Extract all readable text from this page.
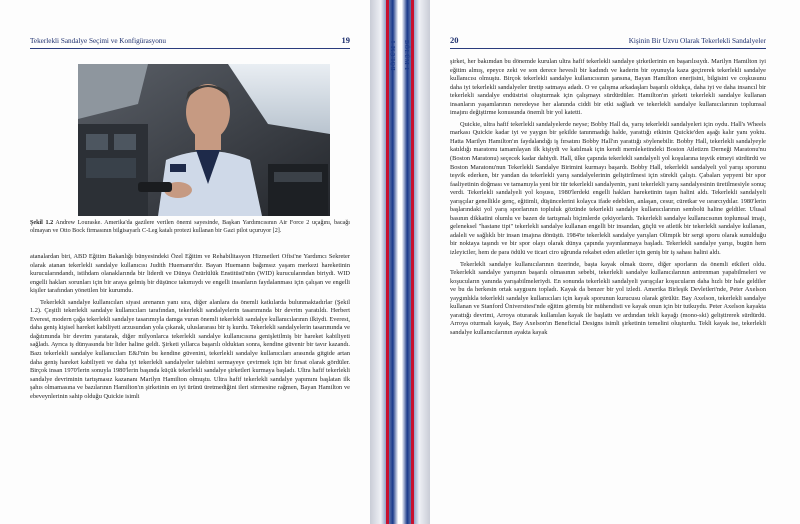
Tekerlekli Sandalye Seçimi ve Konfigürasyonu	19
Şekil 1.2 Andrew Louraske. Amerika'da gazilere verilen önemi sayesinde, Başkan Yardımcısının Air Force 2 uçağını, bacağı olmayan ve Otto Bock firmasının bilgisayarlı C-Leg katalı protezi kullanan bir Gazi pilot uçuruyor [2].

atanalardan biri, ABD Eğitim Bakanlığı bünyesindeki Özel Eğitim ve Rehabilitasyon Hizmetleri Ofisi'ne Yardımcı Sekreter olarak atanan tekerlekli sandalye kullanıcısı Judith Huemann'dır. Bayan Huemann bağımsız yaşam merkezi hareketinin kurucularındandı, istihdam olanaklarında bir liderdi ve Dünya Özürlülük Enstitüsü'nün (WID) kurucularından biriydi. WID engelli hakları sorunları için bir araya gelmiş bir düşünce takımıydı ve engelli insanların faydalanması için çalışan ve engelli kişiler tarafından yönetilen bir kurumdu.

Tekerlekli sandalye kullanıcıları siyasi arenanın yanı sıra, diğer alanlara da önemli katkılarda bulunmaktadırlar (Şekil 1.2). Çeşitli tekerlekli sandalye kullanıcıları tarafından, tekerlekli sandalyelerin tasarımında bir devrim yaratıldı. Herbert Everest, modern çağa tekerlekli sandalye tasarımıyla damga vuran önemli tekerlekli sandalye kullanıcılarının ilkiydi. Everest, daha geniş kişisel hareket kabiliyeti arzusundan yola çıkarak, uluslararası bir iş kurdu. Tekerlekli sandalyelerin tasarımında ve dağıtımında bir devrim yaratarak, diğer milyonlarca tekerlekli sandalye kullanıcısına genişletilmiş bir hareket kabiliyeti sağladı. Ayrıca iş dünyasında bir lider haline geldi. Şirketi yıllarca başarılı olduktan sonra, kendine güvenir bir tavır kazandı. Bazı tekerlekli sandalye kullanıcıları E&J'nin bu kendine güvenini, tekerlekli sandalye kullanıcıları arasında gitgide artan daha geniş hareket kabiliyeti ve daha iyi tekerlekli sandalyeler talebini sermayeye çevirmek için bir fırsat olarak gördüler. Birçok insan 1970'lerin sonuyla 1980'lerin başında küçük tekerlekli sandalye şirketleri kurmaya başladı. Ultra hafif tekerlekli sandalye devriminin tartışmasız kazananı Marilyn Hamilton olmuştu. Ultra hafif tekerlekli sandalye yapımını başlatan ilk şahıs olmamasına ve bazılarının Hamilton'ın şirketinin en iyi ürünü üretmediğini ileri sürmesine rağmen, Bayan Hamilton ve ebeveynlerinin sahip olduğu Quickie isimli

BÖLÜM 1	BÖLÜM 1	20	Kişinin Bir Uzvu Olarak Tekerlekli Sandalyeler

şirket, her bakımdan bu dönemde kurulan ultra hafif tekerlekli sandalye şirketlerinin en başarılısıydı. Marilyn Hamilton iyi eğitim almış, epeyce zeki ve son derece hevesli bir kadındı ve kaderin bir oyunuyla kaza geçirerek tekerlekli sandalye kullanıcısı olmuştu. Birçok tekerlekli sandalye kullanıcısının şansına, Bayan Hamilton enerjisini, bilgisini ve coşkusunu daha iyi tekerlekli sandalyeler üretip satmaya adadı. O ve çalışma arkadaşları başarılı oldukça, daha iyi ve daha insancıl bir tekerlekli sandalye endüstrisi oluşturmak için çalışmayı sürdürdüler. Hamilton'ın şirketi tekerlekli sandalye kullanan insanların yaşamlarının neredeyse her alanında ciddi bir etki sağladı ve tekerlekli sandalye kullanıcılarının toplumsal imajını değiştirme konusunda önemli bir yol katetti.

Quickie, ultra hafif tekerlekli sandalyelerde neyse; Bobby Hall da, yarış tekerlekli sandalyeleri için oydu. Hall's Wheels markası Quickie kadar iyi ve yaygın bir şekilde tanınmadığı halde, yarattığı etkinin Quickie'den aşağı kalır yanı yoktu. Hatta Marilyn Hamilton'ın faydalandığı iş fırsatını Bobby Hall'ın yarattığı söylenebilir. Bobby Hall, tekerlekli sandalyeyle katıldığı maratonu tamamlayan ilk kişiydi ve katılmak için kendi memleketindeki Boston Atletizm Derneği Maratonu'nu (Boston Maratonu) seçecek kadar dahiydi. Hall, ülke çapında tekerlekli sandalyeli yol koşularına teşvik etmeyi sürdürdü ve Boston Maratonu'nun Tekerlekli Sandalye Birimini kurmayı başardı. Bobby Hall, tekerlekli sandalyeli yol yarışı sporunu teşvik ederken, bir yandan da tekerlekli yarış sandalyelerinin geliştirilmesi için sürekli çalıştı. Çabaları yepyeni bir spor faaliyetinin doğması ve tamamıyla yeni bir tür tekerlekli sandalyenin, yani tekerlekli yarış sandalyesinin üretilmesiyle sonuç verdi. Tekerlekli sandalyeli yol koşusu, 1980'lerdeki engelli hakları hareketinin taşın halini aldı. Tekerlekli sandalyeli yarışçılar genellikle genç, eğitimli, düşüncelerini kolayca ifade edebilen, anlaşan, cesur, cüretkar ve ısrarcıydılar. 1980'lerin başlarındaki yol yarış sporlarının topluluk gözünde tekerlekli sandalye kullanıcılarının sembolü haline geldiler. Ulusal basının dikkatini olumlu ve bazen de tartışmalı biçimlerde çekiyorlardı. Tekerlekli sandalye kullanıcısının toplumsal imajı, geleneksel "hastane tipi" tekerlekli sandalye kullanan engelli bir insandan, güçlü ve atletik bir tekerlekli sandalye kullanan, adaleli ve sağlıklı bir insan imajına dönüştü. 1984'te tekerlekli sandalye yarışları Olimpik bir sergi sporu olarak sunulduğu bir noktaya taşındı ve bir spor olayı olarak dünya çapında yayınlanmaya başladı. Tekerlekli sandalye yarışı, bugün hem izleyiciler, hem de para ödülü ve ticari ciro uğrunda rekabet eden atletler için geniş bir iş sahası halini aldı.

Tekerlekli sandalye kullanıcılarının üzerinde, başta kayak olmak üzere, diğer sporların da önemli etkileri oldu. Tekerlekli sandalye yarışının başarılı olmasının sebebi, tekerlekli sandalye kullanıcılarının antrenman yapabilmeleri ve koşucuların yanında yarışabilmeleriydi. En sonunda tekerlekli sandalyeli yarışçılar koşucuların daha hızlı bir hale geldiler ve bu da herkesin ortak saygısını topladı. Kayak da benzer bir yol izledi. Amerika Birleşik Devletleri'nde, Peter Axelson yaygınlıkla tekerlekli sandalye kullanıcıları için kayak sporunun kurucusu olarak görülür. Bay Axelson, tekerlekli sandalye kullanan ve Stanford Üniversitesi'nde eğitim görmüş bir mühendisti ve kayak onun için bir tutkuydu. Peter Axelson kayakta yarattığı devrimi, Arroya oturarak kullanılan kayak ile başlattı ve ardından tekli kayağı (mono-ski) geliştirerek sürdürdü. Arroya oturmalı kayak, Bay Axelson'ın Beneficial Designs isimli şirketinin temelini oluşturdu. Tekli kayak ise, tekerlekli sandalye kullanıcılarının ayakta kayak
